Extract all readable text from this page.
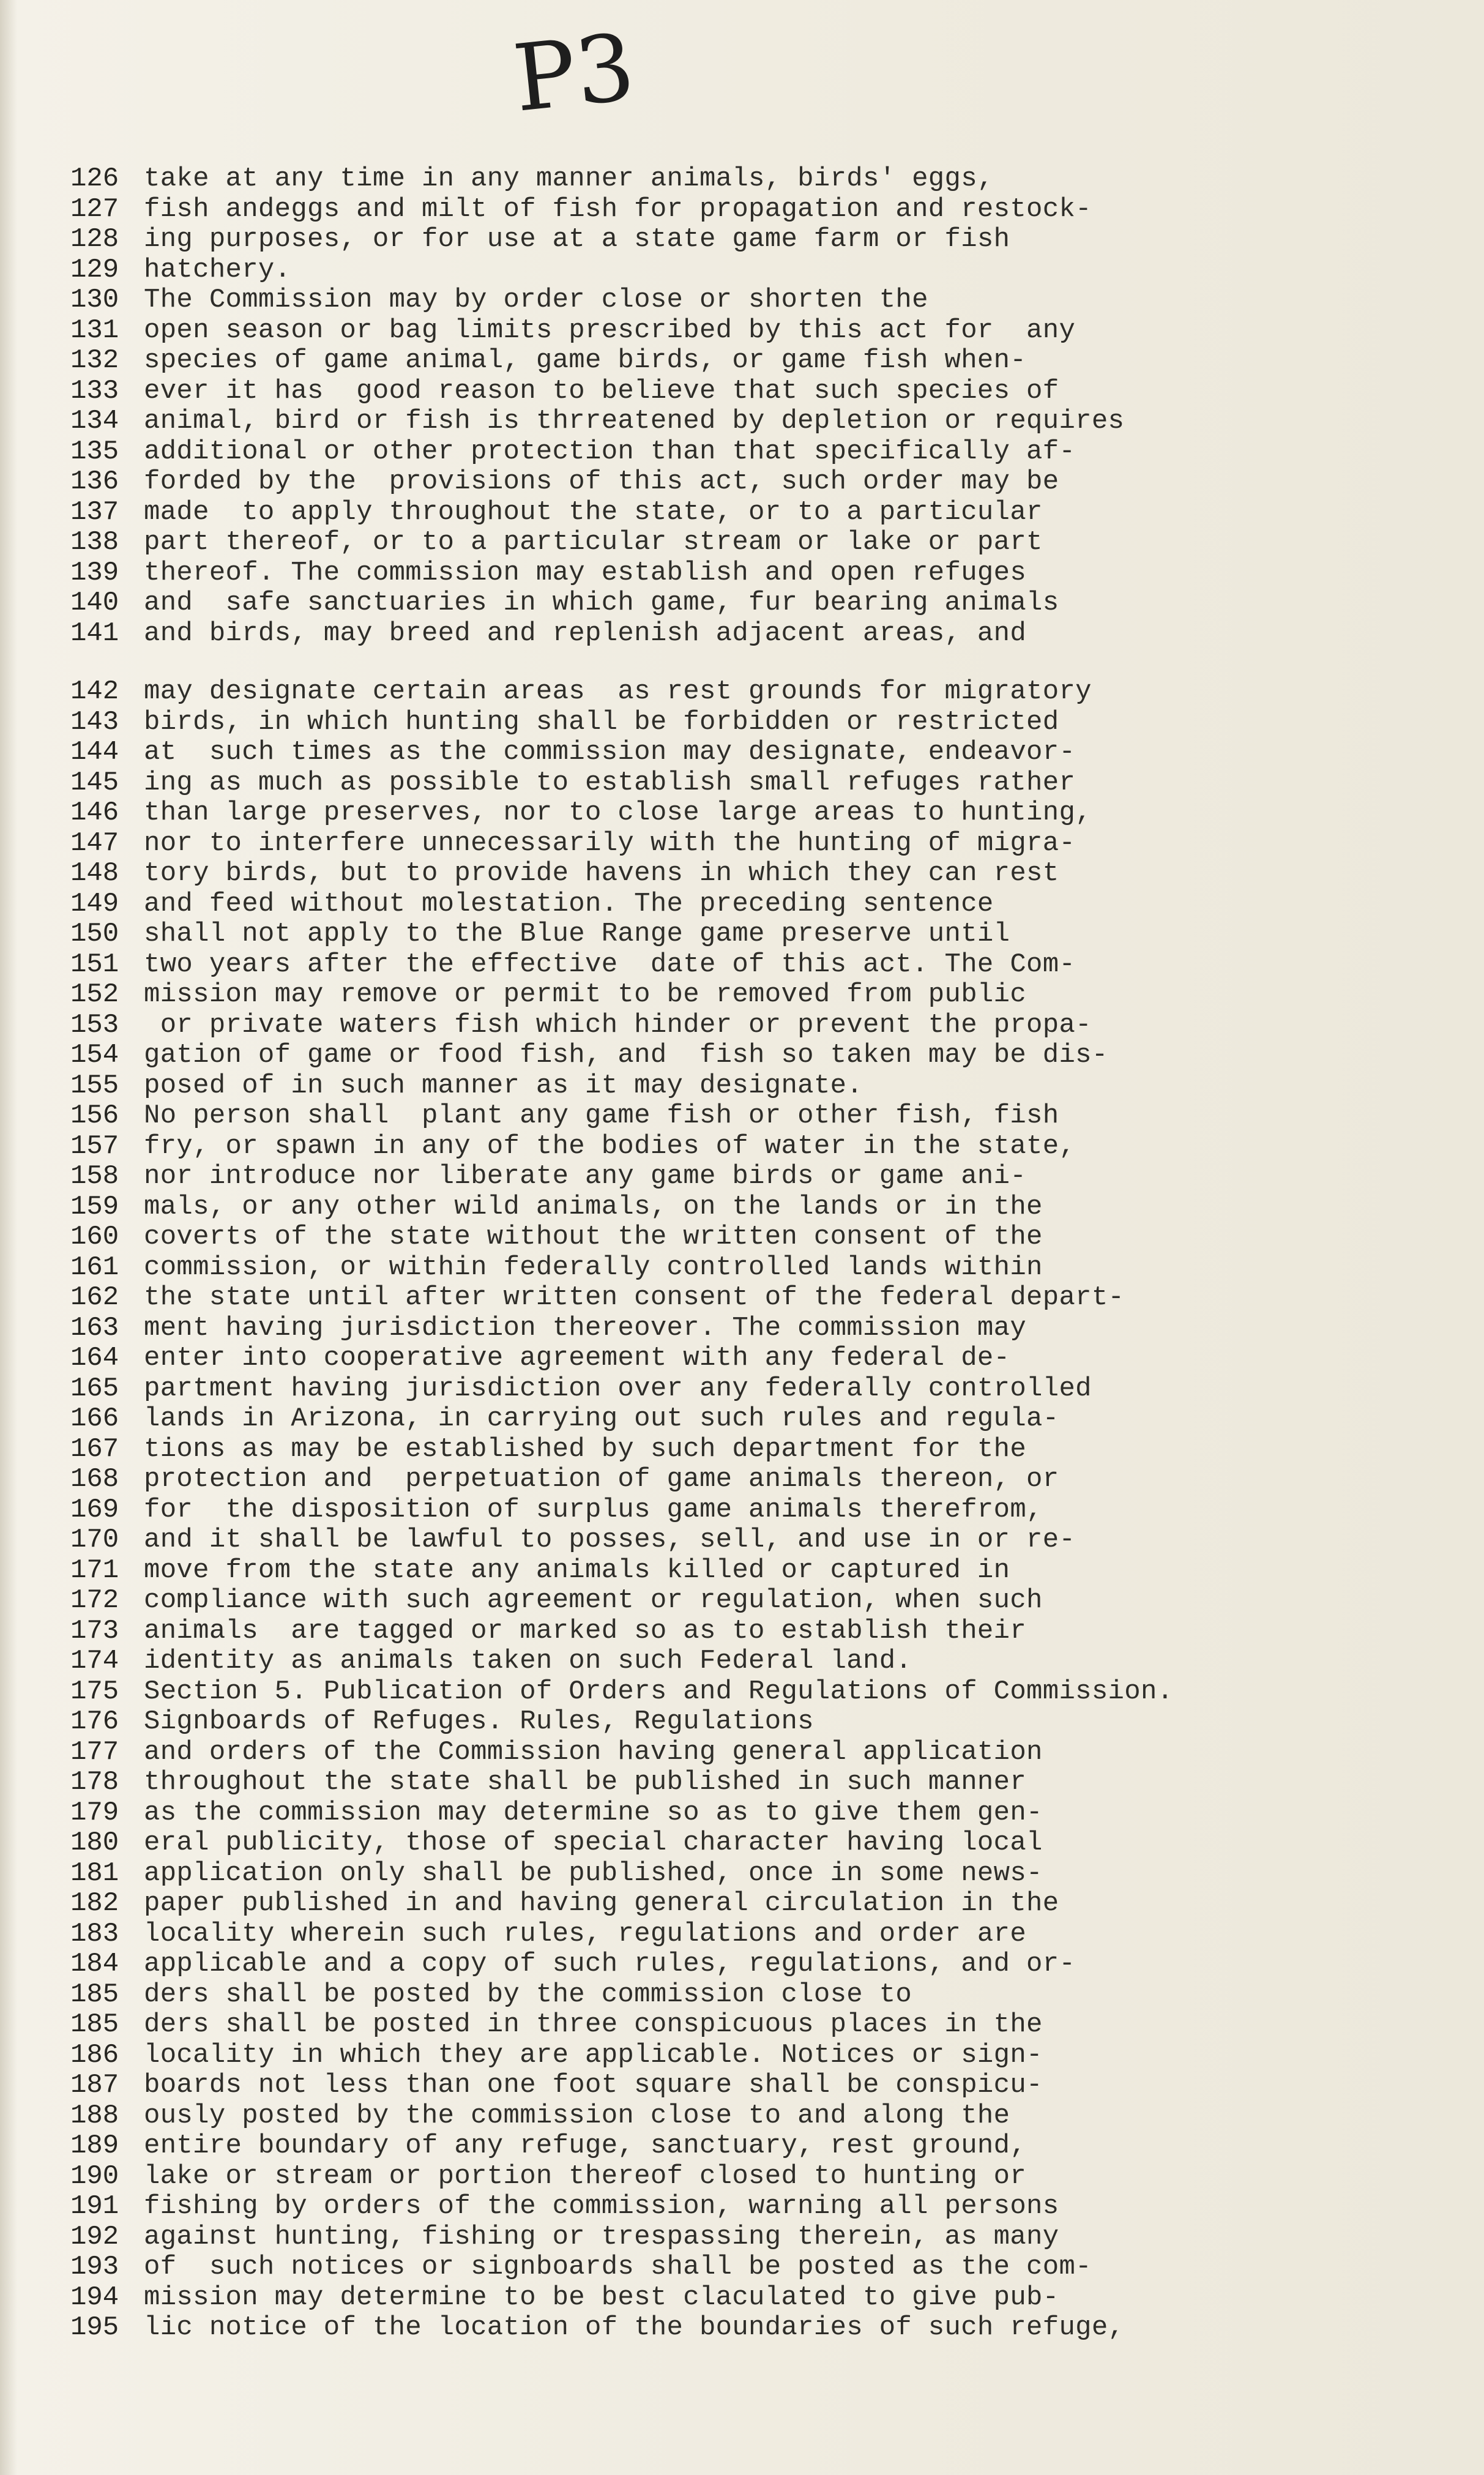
P3
126 take at any time in any manner animals, birds' eggs,
127 fish andeggs and milt of fish for propagation and restock-
128 ing purposes, or for use at a state game farm or fish
129 hatchery.
130 The Commission may by order close or shorten the
131 open season or bag limits prescribed by this act for  any
132 species of game animal, game birds, or game fish when-
133 ever it has  good reason to believe that such species of
134 animal, bird or fish is thrreatened by depletion or requires
135 additional or other protection than that specifically af-
136 forded by the  provisions of this act, such order may be
137 made  to apply throughout the state, or to a particular
138 part thereof, or to a particular stream or lake or part
139 thereof. The commission may establish and open refuges
140 and  safe sanctuaries in which game, fur bearing animals
141 and birds, may breed and replenish adjacent areas, and
142 may designate certain areas  as rest grounds for migratory
143 birds, in which hunting shall be forbidden or restricted
144 at  such times as the commission may designate, endeavor-
145 ing as much as possible to establish small refuges rather
146 than large preserves, nor to close large areas to hunting,
147 nor to interfere unnecessarily with the hunting of migra-
148 tory birds, but to provide havens in which they can rest
149 and feed without molestation. The preceding sentence
150 shall not apply to the Blue Range game preserve until
151 two years after the effective  date of this act. The Com-
152 mission may remove or permit to be removed from public
153 or private waters fish which hinder or prevent the propa-
154 gation of game or food fish, and  fish so taken may be dis-
155 posed of in such manner as it may designate.
156 No person shall  plant any game fish or other fish, fish
157 fry, or spawn in any of the bodies of water in the state,
158 nor introduce nor liberate any game birds or game ani-
159 mals, or any other wild animals, on the lands or in the
160 coverts of the state without the written consent of the
161 commission, or within federally controlled lands within
162 the state until after written consent of the federal depart-
163 ment having jurisdiction thereover. The commission may
164 enter into cooperative agreement with any federal de-
165 partment having jurisdiction over any federally controlled
166 lands in Arizona, in carrying out such rules and regula-
167 tions as may be established by such department for the
168 protection and  perpetuation of game animals thereon, or
169 for  the disposition of surplus game animals therefrom,
170 and it shall be lawful to posses, sell, and use in or re-
171 move from the state any animals killed or captured in
172 compliance with such agreement or regulation, when such
173 animals  are tagged or marked so as to establish their
174 identity as animals taken on such Federal land.
175 Section 5. Publication of Orders and Regulations of Commission.
176 Signboards of Refuges. Rules, Regulations
177 and orders of the Commission having general application
178 throughout the state shall be published in such manner
179 as the commission may determine so as to give them gen-
180 eral publicity, those of special character having local
181 application only shall be published, once in some news-
182 paper published in and having general circulation in the
183 locality wherein such rules, regulations and order are
184 applicable and a copy of such rules, regulations, and or-
185 ders shall be posted by the commission close to
185 ders shall be posted in three conspicuous places in the
186 locality in which they are applicable. Notices or sign-
187 boards not less than one foot square shall be conspicu-
188 ously posted by the commission close to and along the
189 entire boundary of any refuge, sanctuary, rest ground,
190 lake or stream or portion thereof closed to hunting or
191 fishing by orders of the commission, warning all persons
192 against hunting, fishing or trespassing therein, as many
193 of  such notices or signboards shall be posted as the com-
194 mission may determine to be best claculated to give pub-
195 lic notice of the location of the boundaries of such refuge,
